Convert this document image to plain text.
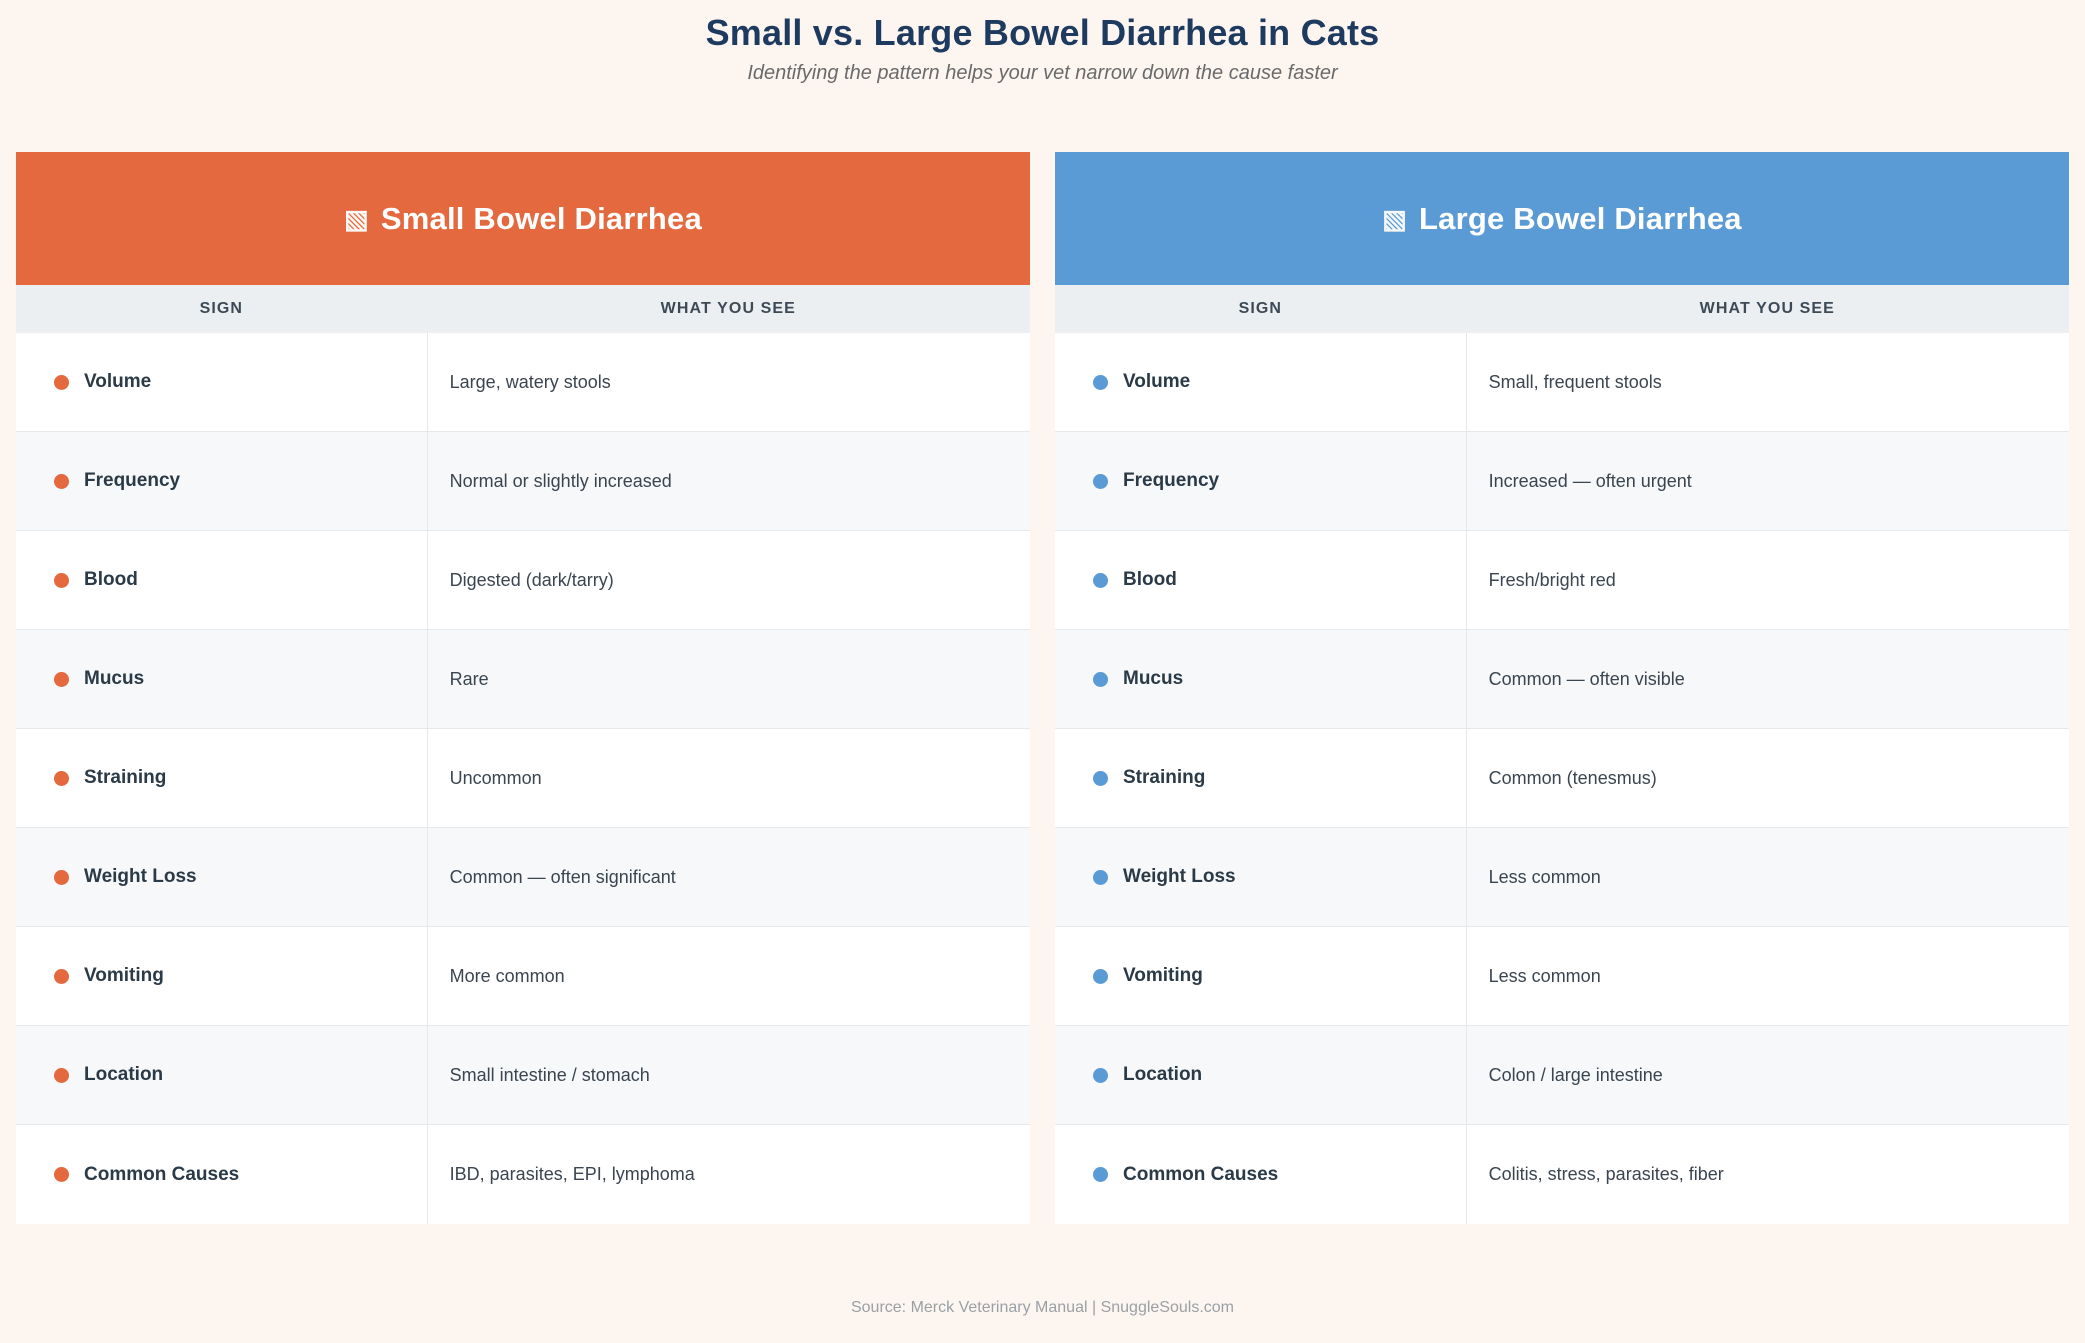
Small vs. Large Bowel Diarrhea in Cats

Identifying the pattern helps your vet narrow down the cause faster

▧ Small Bowel Diarrhea
SIGN	WHAT YOU SEE
Volume	Large, watery stools
Frequency	Normal or slightly increased
Blood	Digested (dark/tarry)
Mucus	Rare
Straining	Uncommon
Weight Loss	Common — often significant
Vomiting	More common
Location	Small intestine / stomach
Common Causes	IBD, parasites, EPI, lymphoma
▧ Large Bowel Diarrhea
SIGN	WHAT YOU SEE
Volume	Small, frequent stools
Frequency	Increased — often urgent
Blood	Fresh/bright red
Mucus	Common — often visible
Straining	Common (tenesmus)
Weight Loss	Less common
Vomiting	Less common
Location	Colon / large intestine
Common Causes	Colitis, stress, parasites, fiber
Source: Merck Veterinary Manual | SnuggleSouls.com
